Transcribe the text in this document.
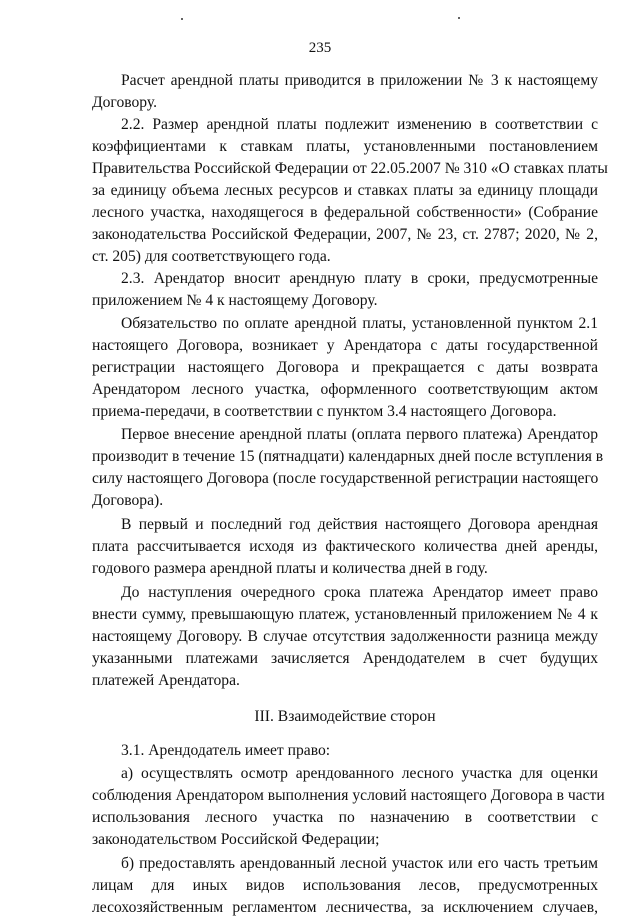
235
Расчет арендной платы приводится в приложении № 3 к настоящему
Договору.
2.2. Размер арендной платы подлежит изменению в соответствии с
коэффициентами к ставкам платы, установленными постановлением
Правительства Российской Федерации от 22.05.2007 № 310 «О ставках платы
за единицу объема лесных ресурсов и ставках платы за единицу площади
лесного участка, находящегося в федеральной собственности» (Собрание
законодательства Российской Федерации, 2007, № 23, ст. 2787; 2020, № 2,
ст. 205) для соответствующего года.
2.3. Арендатор вносит арендную плату в сроки, предусмотренные
приложением № 4 к настоящему Договору.
Обязательство по оплате арендной платы, установленной пунктом 2.1
настоящего Договора, возникает у Арендатора с даты государственной
регистрации настоящего Договора и прекращается с даты возврата
Арендатором лесного участка, оформленного соответствующим актом
приема-передачи, в соответствии с пунктом 3.4 настоящего Договора.
Первое внесение арендной платы (оплата первого платежа) Арендатор
производит в течение 15 (пятнадцати) календарных дней после вступления в
силу настоящего Договора (после государственной регистрации настоящего
Договора).
В первый и последний год действия настоящего Договора арендная
плата рассчитывается исходя из фактического количества дней аренды,
годового размера арендной платы и количества дней в году.
До наступления очередного срока платежа Арендатор имеет право
внести сумму, превышающую платеж, установленный приложением № 4 к
настоящему Договору. В случае отсутствия задолженности разница между
указанными платежами зачисляется Арендодателем в счет будущих
платежей Арендатора.
3.1. Арендодатель имеет право:
а) осуществлять осмотр арендованного лесного участка для оценки
соблюдения Арендатором выполнения условий настоящего Договора в части
использования лесного участка по назначению в соответствии с
законодательством Российской Федерации;
б) предоставлять арендованный лесной участок или его часть третьим
лицам для иных видов использования лесов, предусмотренных
лесохозяйственным регламентом лесничества, за исключением случаев,
III. Взаимодействие сторон
